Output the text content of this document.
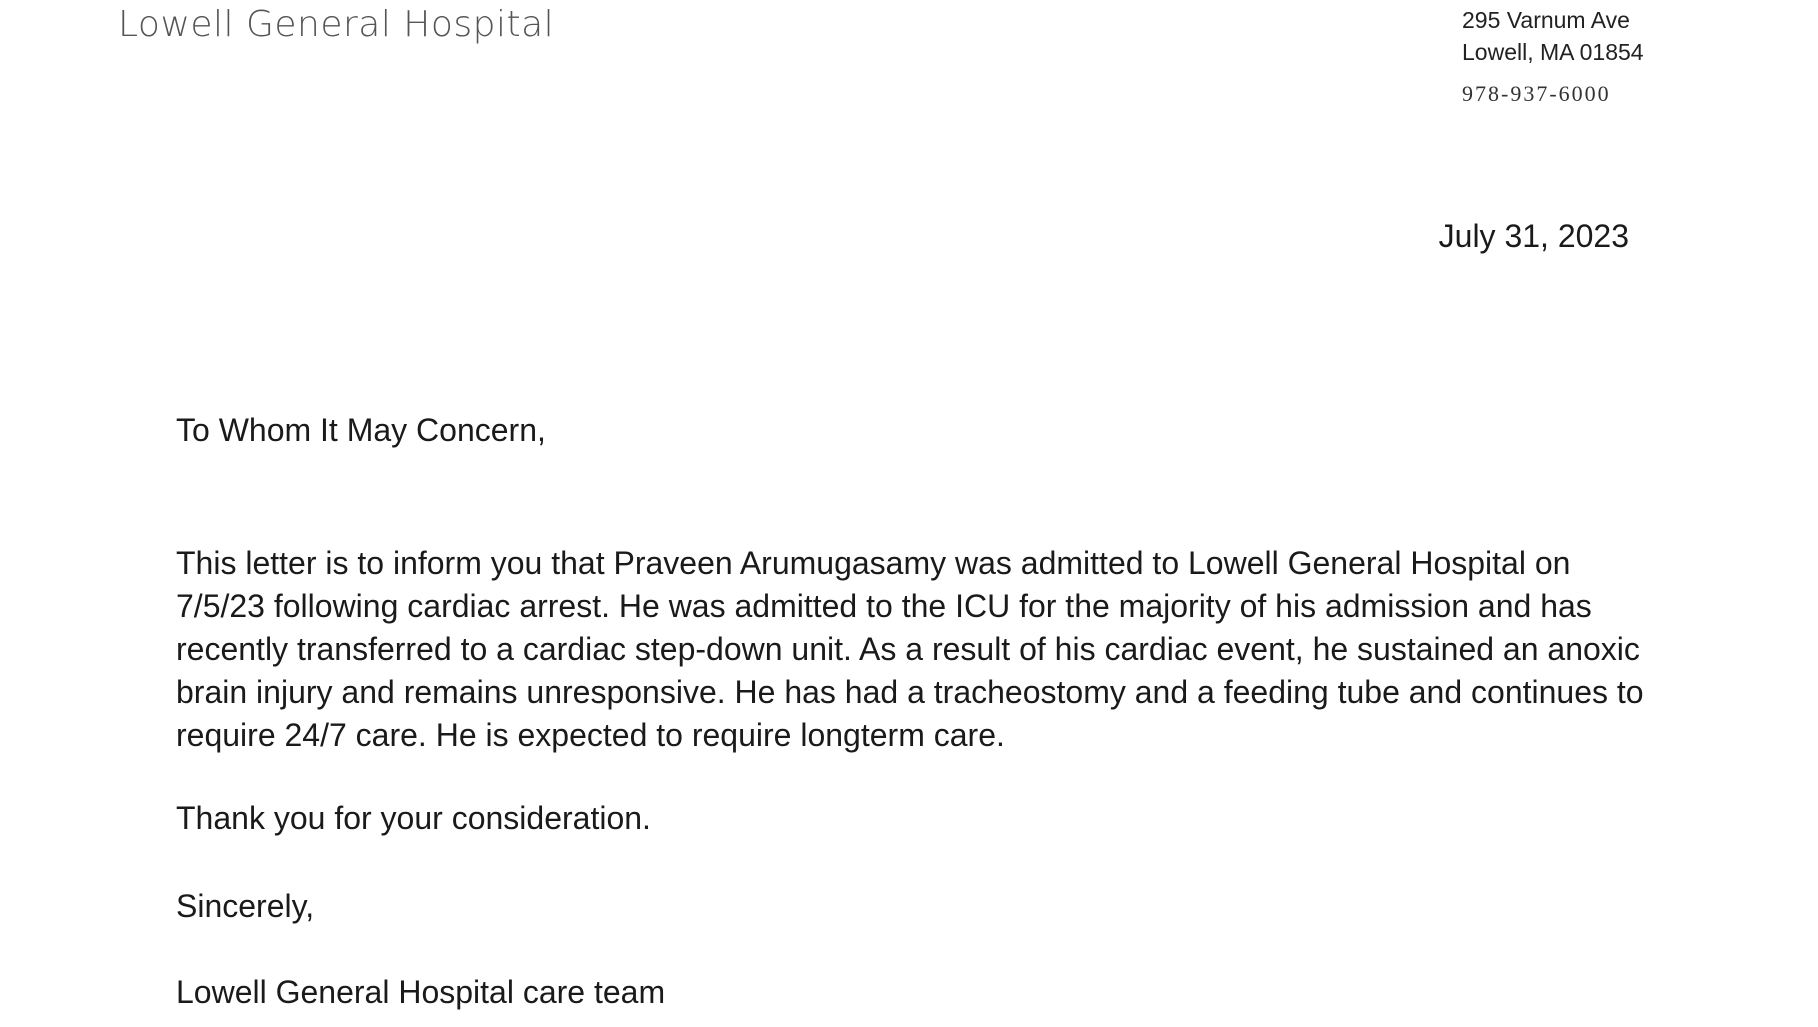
Lowell General Hospital	295 Varnum Ave
Lowell, MA 01854
978-937-6000
July 31, 2023

To Whom It May Concern,

This letter is to inform you that Praveen Arumugasamy was admitted to Lowell General Hospital on 7/5/23 following cardiac arrest. He was admitted to the ICU for the majority of his admission and has recently transferred to a cardiac step-down unit. As a result of his cardiac event, he sustained an anoxic brain injury and remains unresponsive. He has had a tracheostomy and a feeding tube and continues to require 24/7 care. He is expected to require longterm care.

Thank you for your consideration.

Sincerely,

Lowell General Hospital care team
